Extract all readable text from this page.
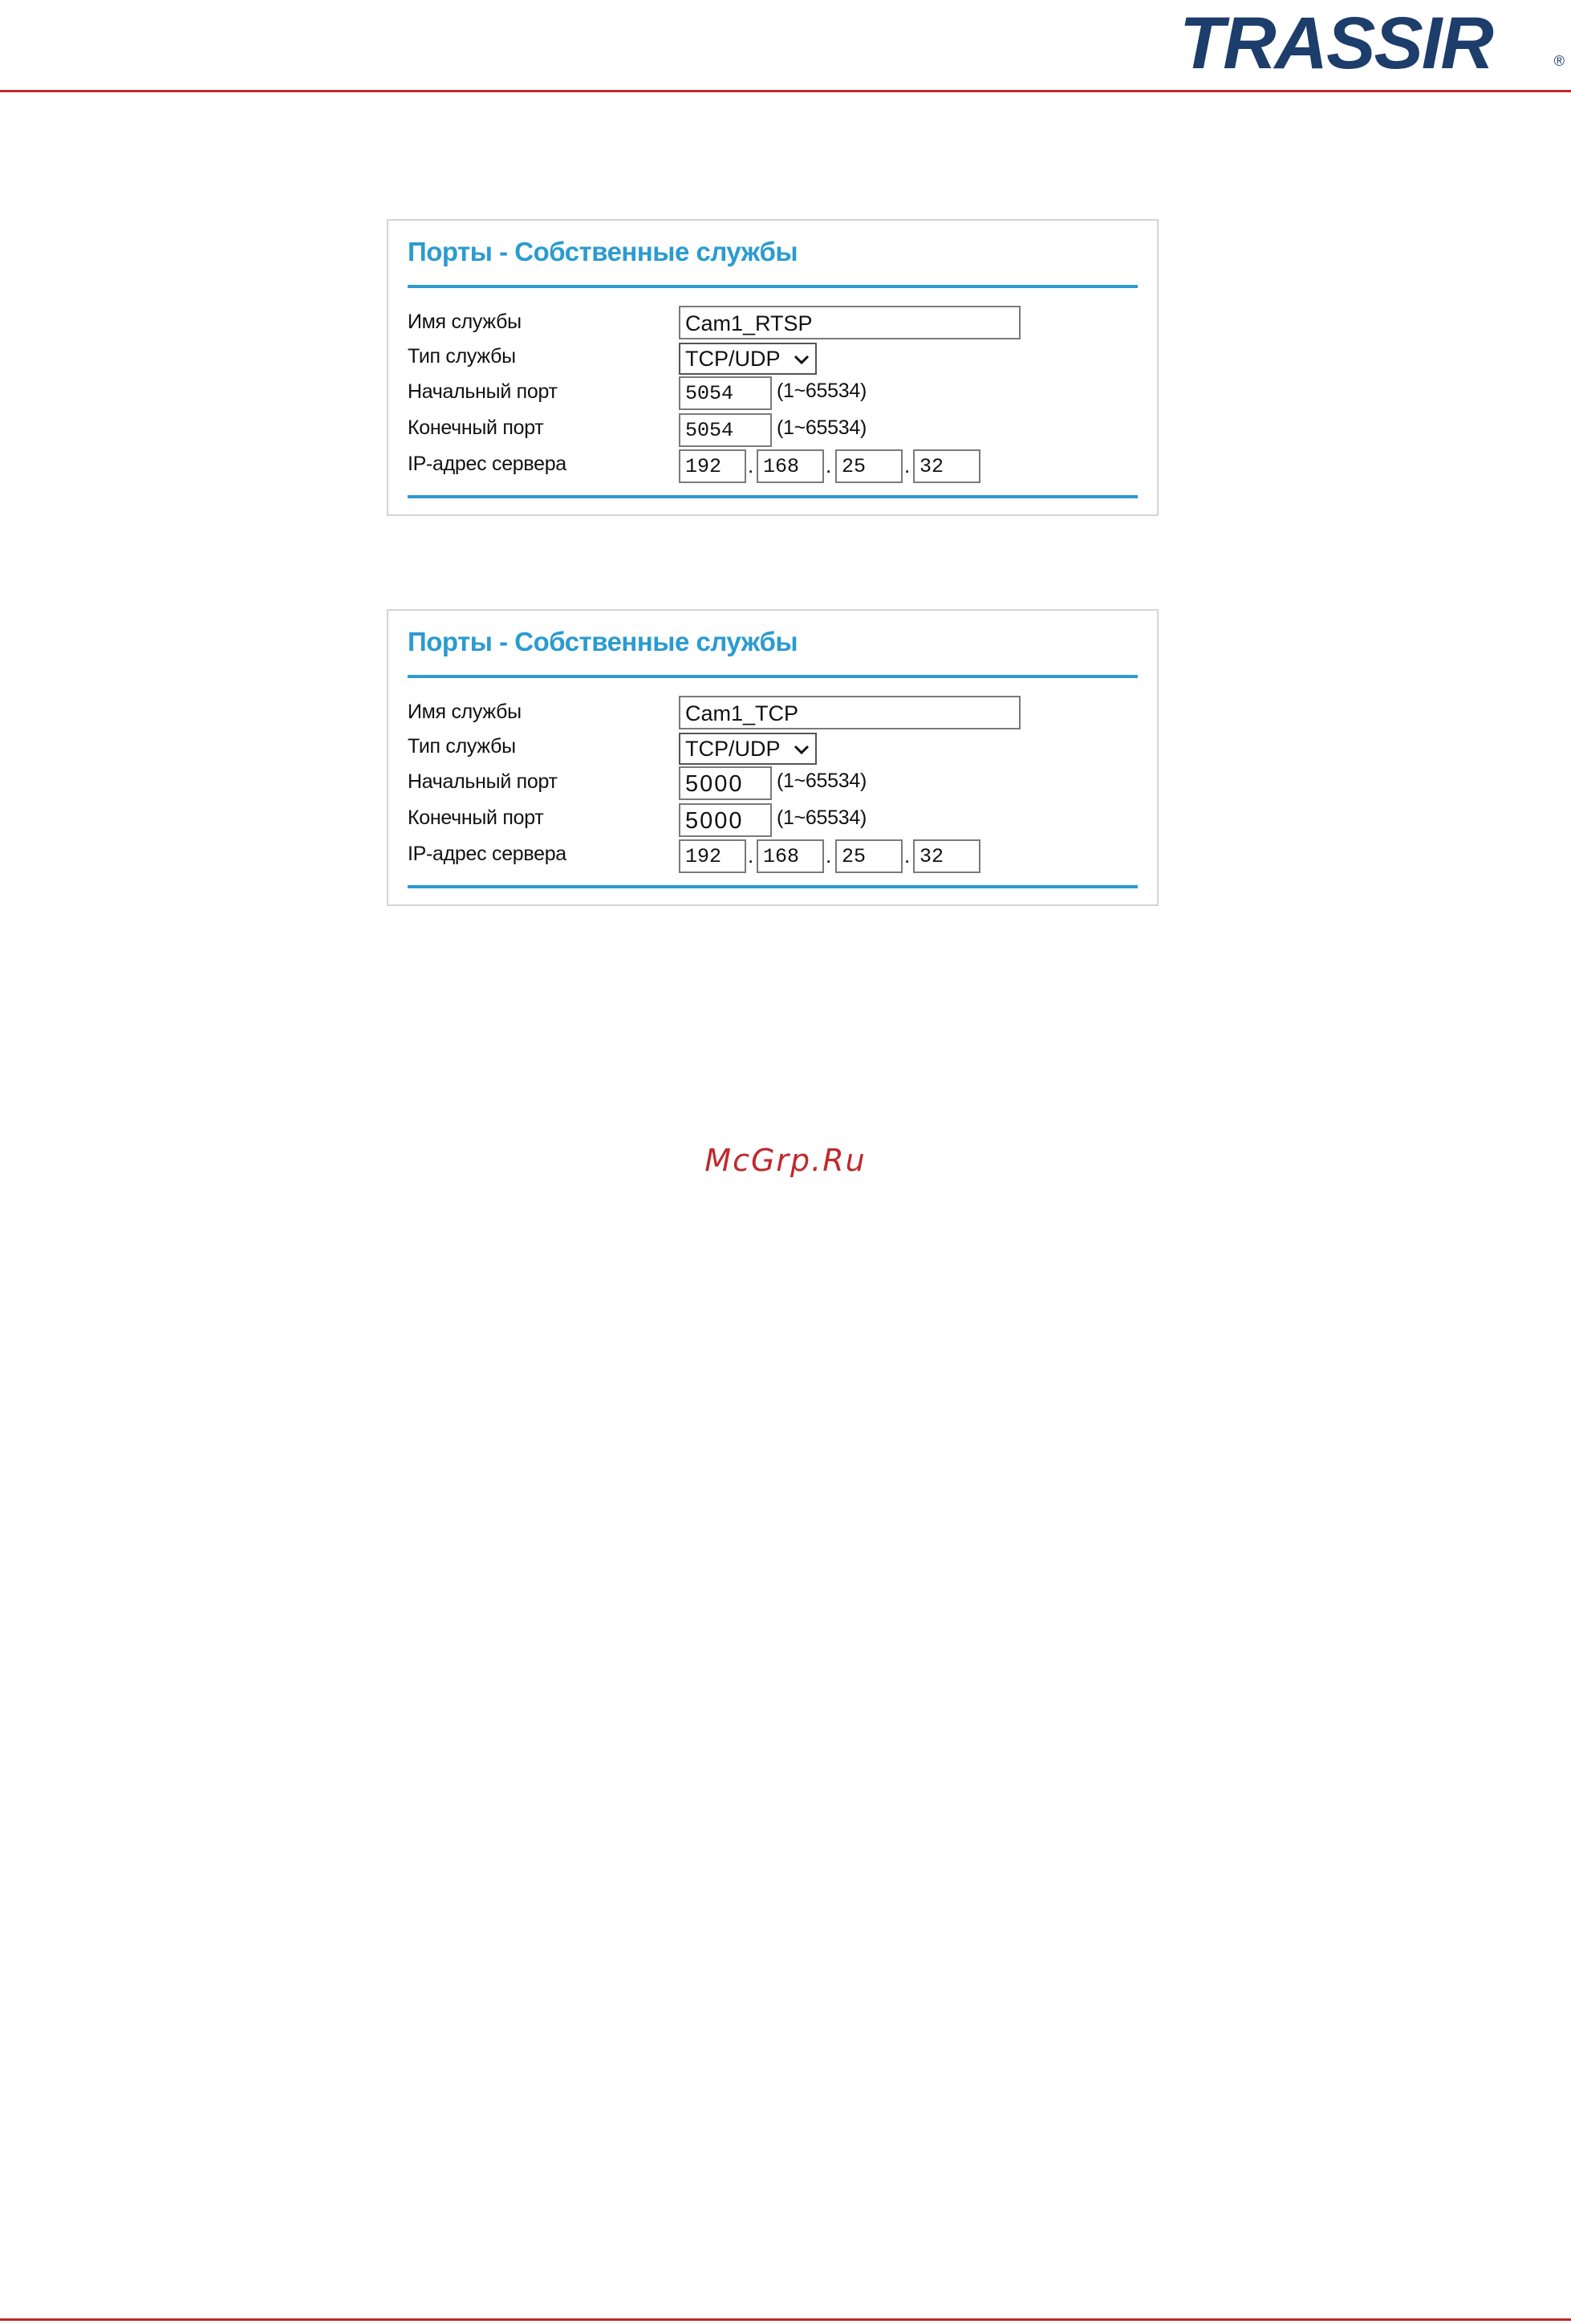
TRASSIR	®
Порты - Собственные службы
Имя службы	Cam1_RTSP
Тип службы	TCP/UDP
Начальный порт	5054	(1~65534)
Конечный порт	5054	(1~65534)
IP-адрес сервера	192	. 168	. 25	. 32
Порты - Собственные службы
Имя службы	Cam1_TCP
Тип службы	TCP/UDP
Начальный порт	5000	(1~65534)
Конечный порт	5000	(1~65534)
IP-адрес сервера	192	. 168	. 25	. 32
McGrp.Ru
